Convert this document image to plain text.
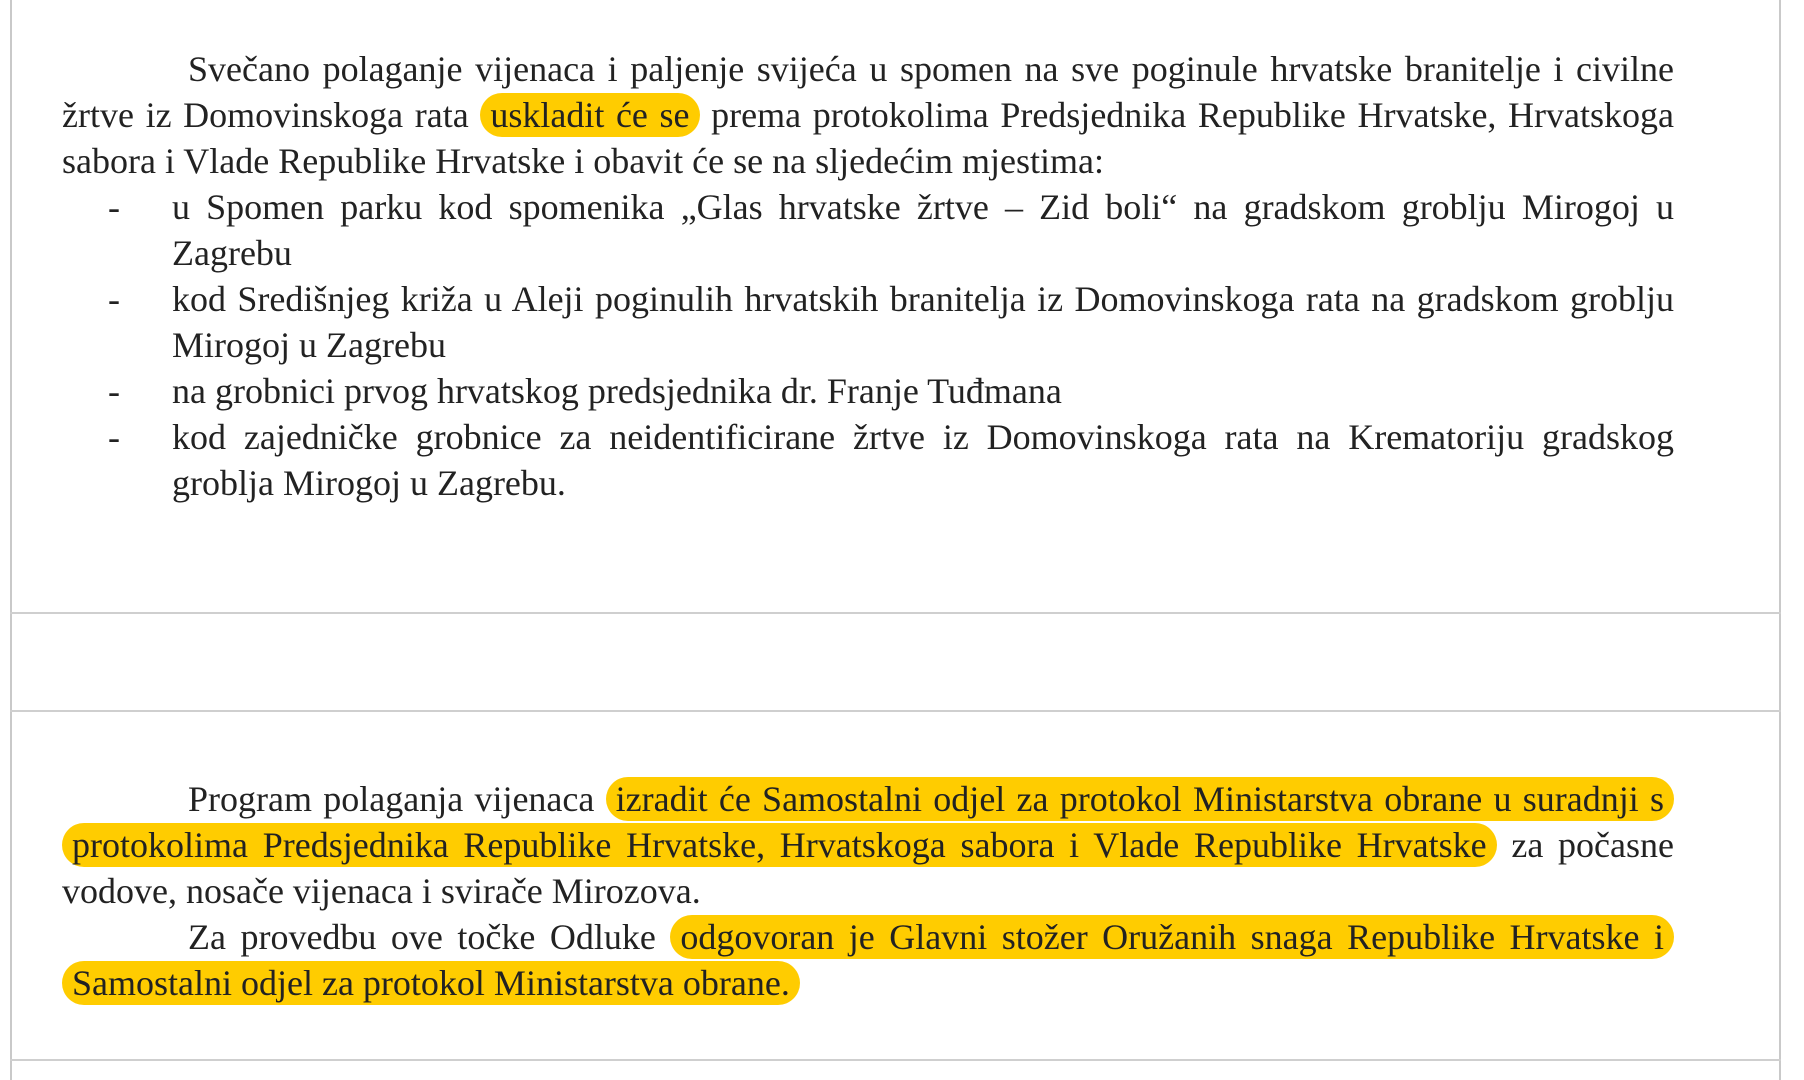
Svečano polaganje vijenaca i paljenje svijeća u spomen na sve poginule hrvatske branitelje i civilne žrtve iz Domovinskoga rata uskladit će se prema protokolima Predsjednika Republike Hrvatske, Hrvatskoga sabora i Vlade Republike Hrvatske i obavit će se na sljedećim mjestima:

- u Spomen parku kod spomenika „Glas hrvatske žrtve – Zid boli“ na gradskom groblju Mirogoj u Zagrebu
- kod Središnjeg križa u Aleji poginulih hrvatskih branitelja iz Domovinskoga rata na gradskom groblju Mirogoj u Zagrebu
- na grobnici prvog hrvatskog predsjednika dr. Franje Tuđmana
- kod zajedničke grobnice za neidentificirane žrtve iz Domovinskoga rata na Krematoriju gradskog groblja Mirogoj u Zagrebu.

Program polaganja vijenaca izradit će Samostalni odjel za protokol Ministarstva obrane u suradnji s protokolima Predsjednika Republike Hrvatske, Hrvatskoga sabora i Vlade Republike Hrvatske za počasne vodove, nosače vijenaca i svirače Mirozova.

Za provedbu ove točke Odluke odgovoran je Glavni stožer Oružanih snaga Republike Hrvatske i Samostalni odjel za protokol Ministarstva obrane.
